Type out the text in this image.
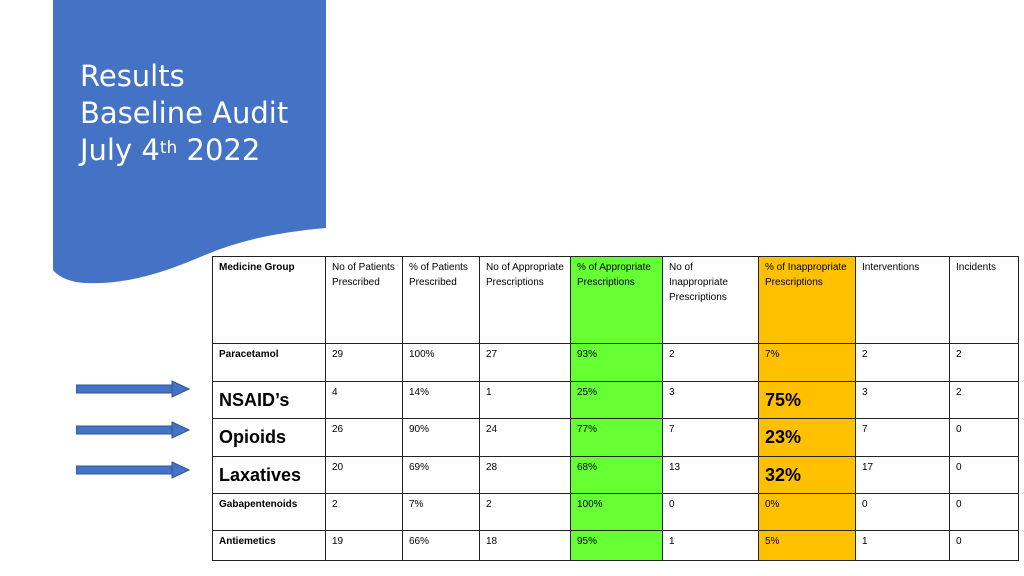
Results
Baseline Audit
July 4th 2022
Medicine Group	No of Patients Prescribed	% of Patients Prescribed	No of Appropriate Prescriptions	% of Appropriate Prescriptions	No of Inappropriate Prescriptions	% of Inappropriate Prescriptions	Interventions	Incidents
Paracetamol	29	100%	27	93%	2	7%	2	2
NSAID’s	4	14%	1	25%	3	75%	3	2
Opioids	26	90%	24	77%	7	23%	7	0
Laxatives	20	69%	28	68%	13	32%	17	0
Gabapentenoids	2	7%	2	100%	0	0%	0	0
Antiemetics	19	66%	18	95%	1	5%	1	0
